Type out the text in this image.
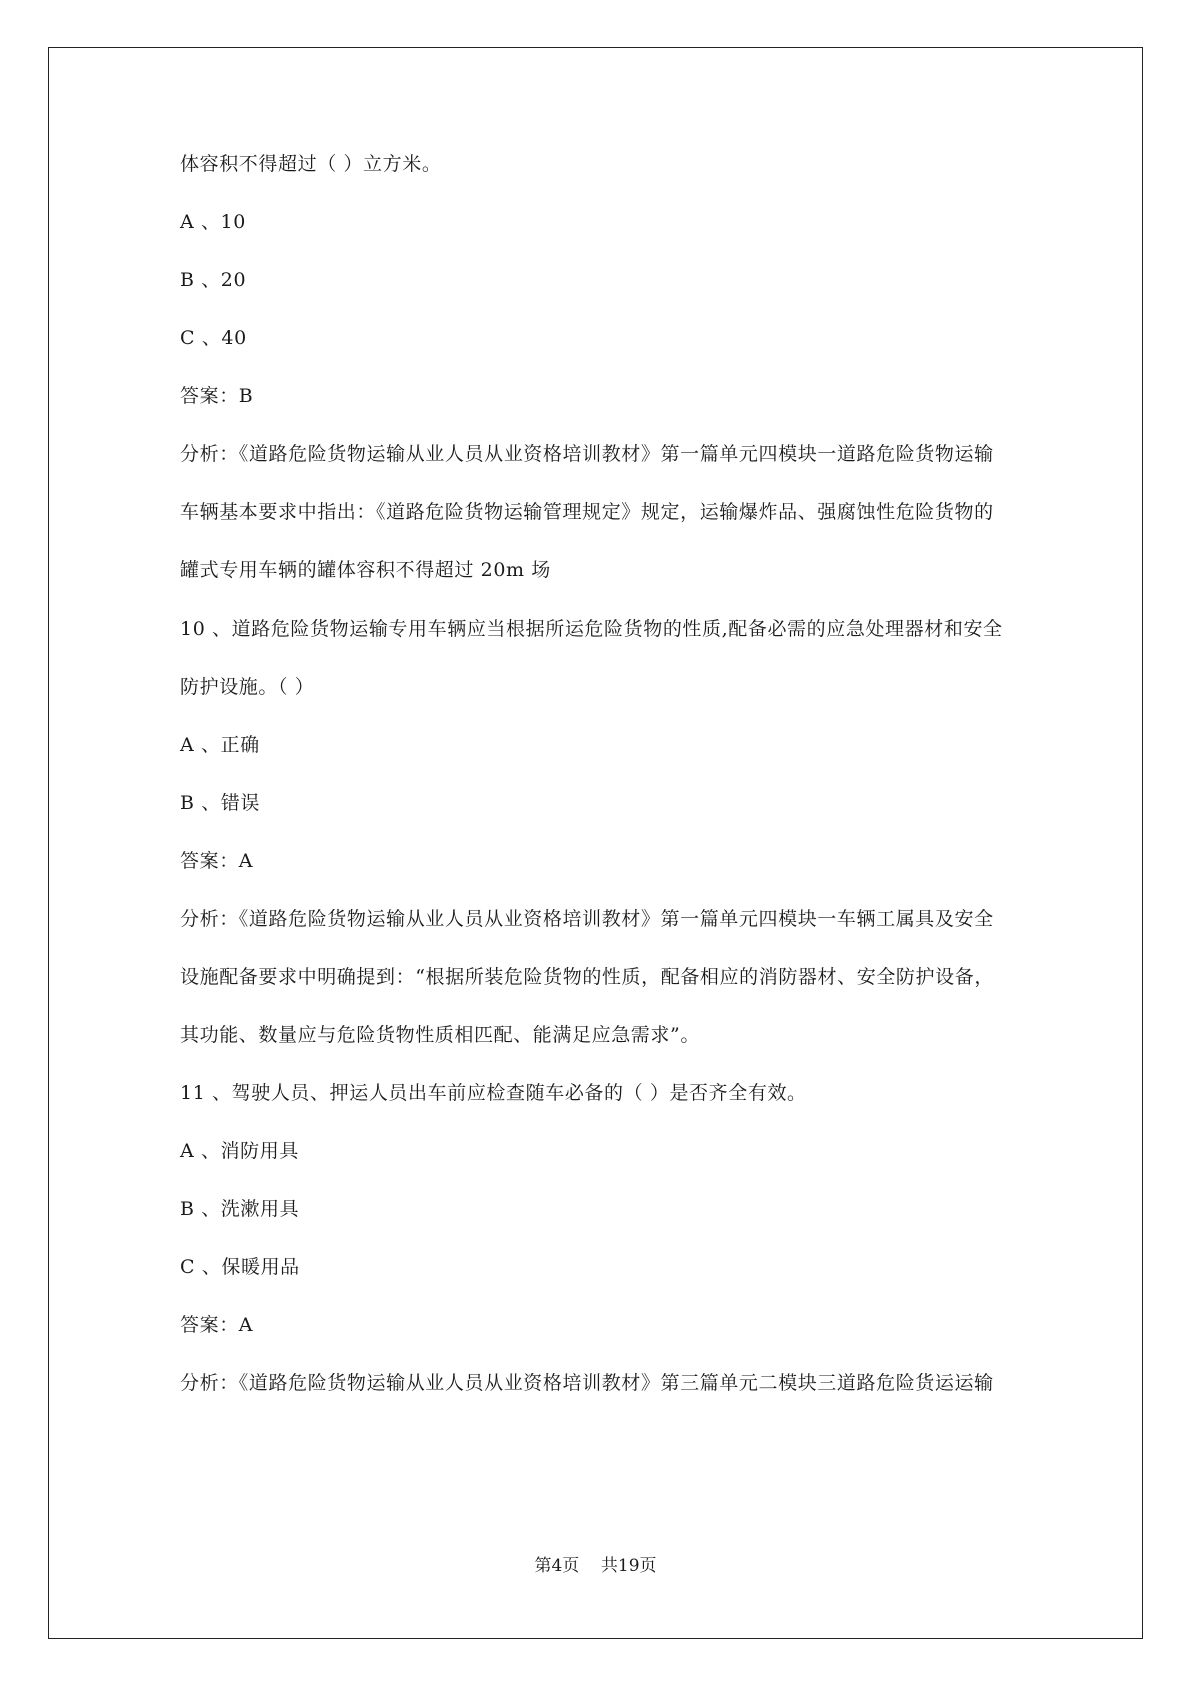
体容积不得超过（ ）立方米。
A 、10
B 、20
C 、40
答案：B
分析：《道路危险货物运输从业人员从业资格培训教材》第一篇单元四模块一道路危险货物运输
车辆基本要求中指出：《道路危险货物运输管理规定》规定，运输爆炸品、强腐蚀性危险货物的
罐式专用车辆的罐体容积不得超过 20m 场
10 、道路危险货物运输专用车辆应当根据所运危险货物的性质,配备必需的应急处理器材和安全
防护设施。（ ）
A 、正确
B 、错误
答案：A
分析：《道路危险货物运输从业人员从业资格培训教材》第一篇单元四模块一车辆工属具及安全
设施配备要求中明确提到：“根据所装危险货物的性质，配备相应的消防器材、安全防护设备，
其功能、数量应与危险货物性质相匹配、能满足应急需求”。
11 、驾驶人员、押运人员出车前应检查随车必备的（ ）是否齐全有效。
A 、消防用具
B 、洗漱用具
C 、保暖用品
答案：A
分析：《道路危险货物运输从业人员从业资格培训教材》第三篇单元二模块三道路危险货运运输
第4页    共19页
